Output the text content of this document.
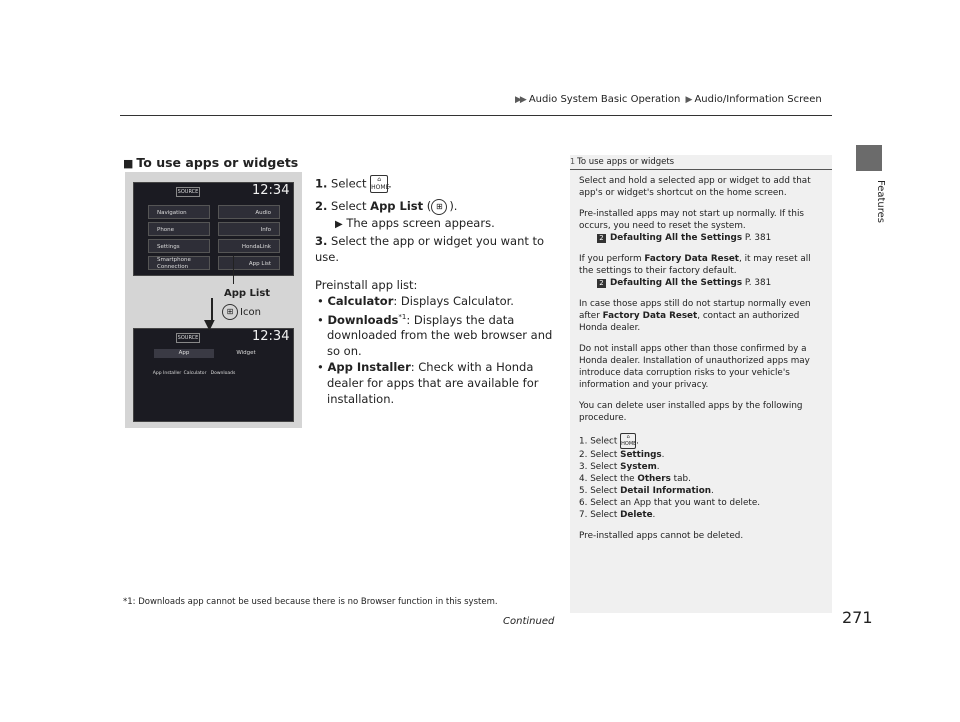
▶▶ Audio System Basic Operation ▶ Audio/Information Screen
Features
■ To use apps or widgets
SOURCE	12:34
Navigation
Phone
Settings
Smartphone Connection
Audio
Info
HondaLink
App List
SOURCE	12:34
App	Widget
App Installer Calculator Downloads
▼
App List
⊞ Icon
1. Select ⌂
HOME.
2. Select App List ( ⊞ ).
▶ The apps screen appears.
3. Select the app or widget you want to use.
Preinstall app list:
• Calculator: Displays Calculator.
• Downloads$^{*1}$: Displays the data downloaded from the web browser and so on.
• App Installer: Check with a Honda dealer for apps that are available for installation.
1 To use apps or widgets

Select and hold a selected app or widget to add that app's or widget's shortcut on the home screen.

Pre-installed apps may not start up normally. If this occurs, you need to reset the system.
2 Defaulting All the Settings P. 381

If you perform Factory Data Reset, it may reset all the settings to their factory default.
2 Defaulting All the Settings P. 381

In case those apps still do not startup normally even after Factory Data Reset, contact an authorized Honda dealer.

Do not install apps other than those confirmed by a Honda dealer. Installation of unauthorized apps may introduce data corruption risks to your vehicle's information and your privacy.

You can delete user installed apps by the following procedure.

1. Select ⌂
HOME.
2. Select Settings.
3. Select System.
4. Select the Others tab.
5. Select Detail Information.
6. Select an App that you want to delete.
7. Select Delete.

Pre-installed apps cannot be deleted.

*1: Downloads app cannot be used because there is no Browser function in this system.
Continued	271
